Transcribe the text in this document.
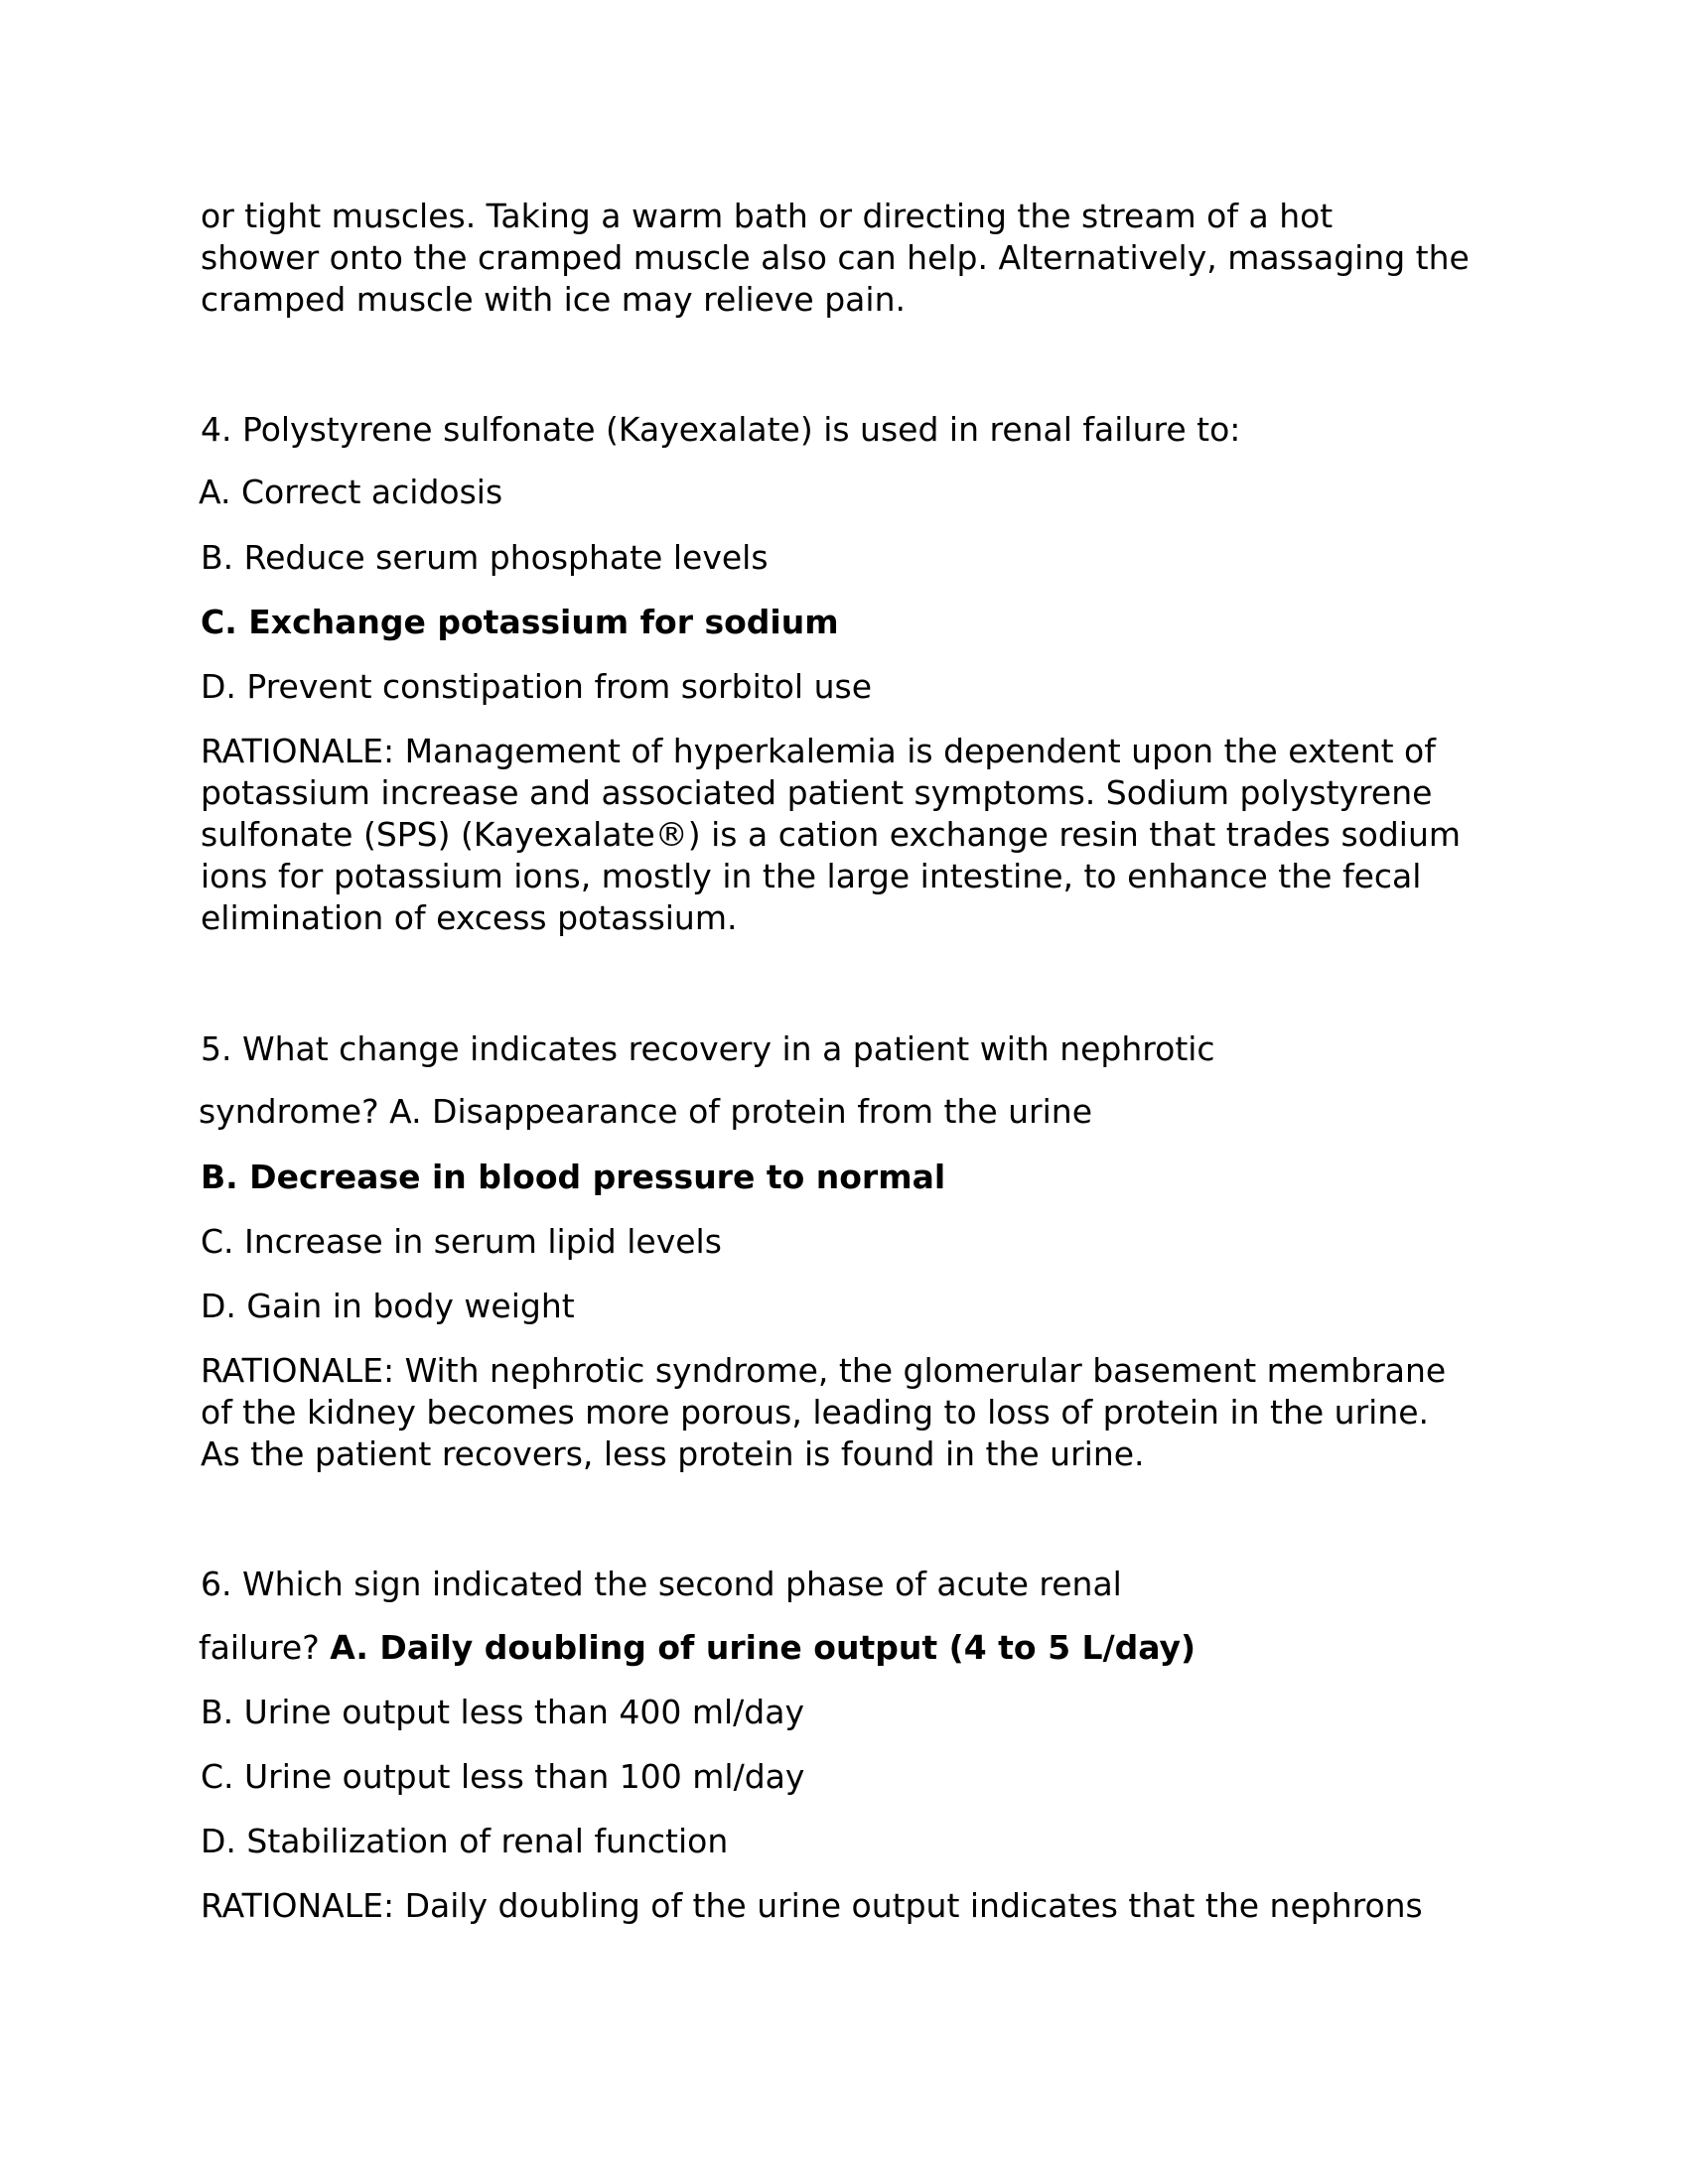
or tight muscles. Taking a warm bath or directing the stream of a hot
shower onto the cramped muscle also can help. Alternatively, massaging the
cramped muscle with ice may relieve pain.

4. Polystyrene sulfonate (Kayexalate) is used in renal failure to:

A. Correct acidosis

B. Reduce serum phosphate levels

C. Exchange potassium for sodium

D. Prevent constipation from sorbitol use

RATIONALE: Management of hyperkalemia is dependent upon the extent of
potassium increase and associated patient symptoms. Sodium polystyrene
sulfonate (SPS) (Kayexalate®) is a cation exchange resin that trades sodium
ions for potassium ions, mostly in the large intestine, to enhance the fecal
elimination of excess potassium.

5. What change indicates recovery in a patient with nephrotic

syndrome? A. Disappearance of protein from the urine

B. Decrease in blood pressure to normal

C. Increase in serum lipid levels

D. Gain in body weight

RATIONALE: With nephrotic syndrome, the glomerular basement membrane
of the kidney becomes more porous, leading to loss of protein in the urine.
As the patient recovers, less protein is found in the urine.

6. Which sign indicated the second phase of acute renal

failure? A. Daily doubling of urine output (4 to 5 L/day)

B. Urine output less than 400 ml/day

C. Urine output less than 100 ml/day

D. Stabilization of renal function

RATIONALE: Daily doubling of the urine output indicates that the nephrons
